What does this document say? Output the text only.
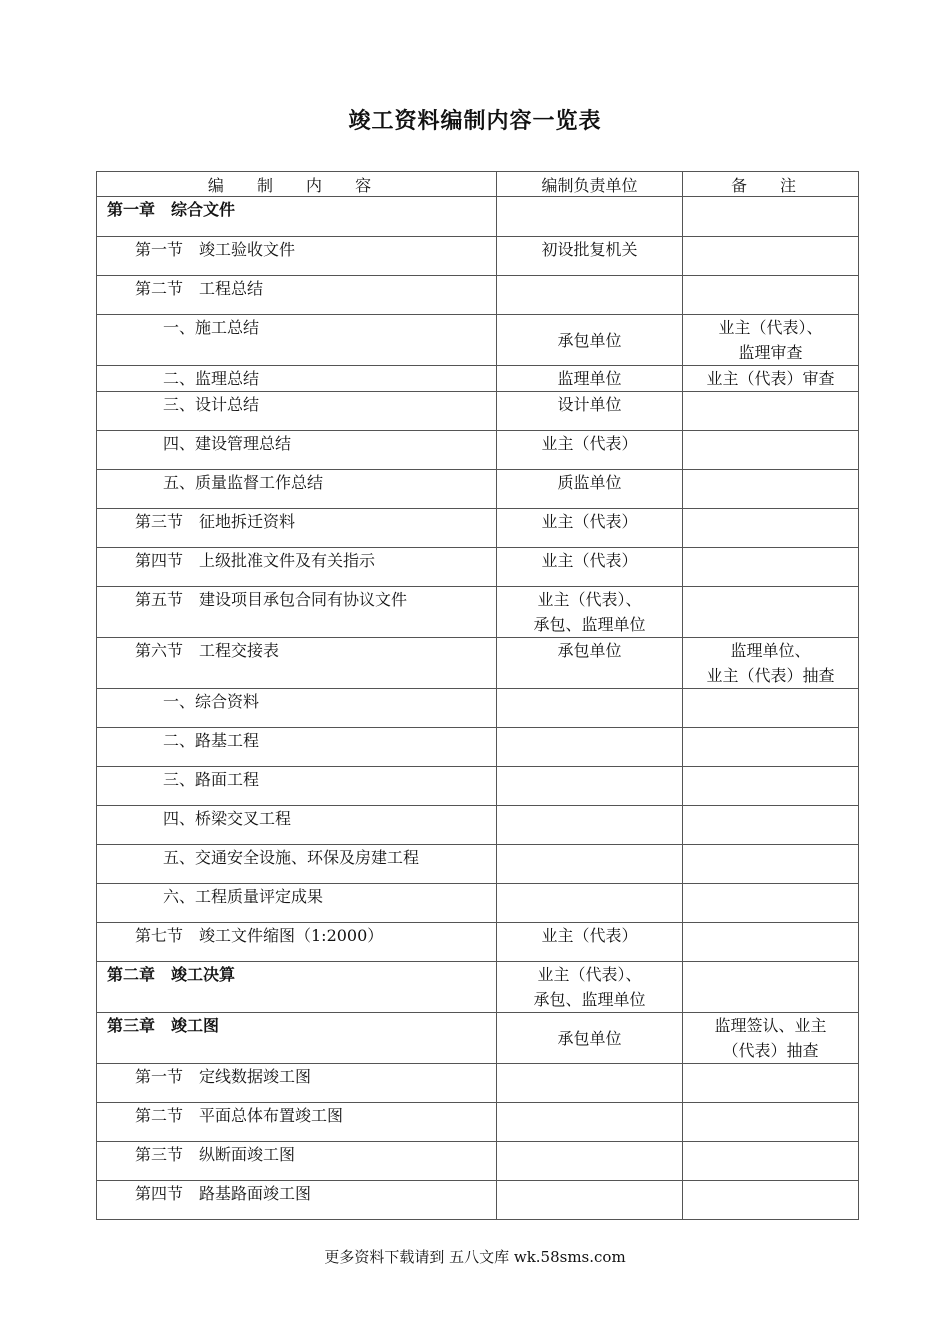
竣工资料编制内容一览表
编 制 内 容	编制负责单位	备 注
第一章　综合文件		
第一节　竣工验收文件	初设批复机关	
第二节　工程总结		
一、施工总结	承包单位	业主（代表）、
监理审查
二、监理总结	监理单位	业主（代表）审查
三、设计总结	设计单位	
四、建设管理总结	业主（代表）	
五、质量监督工作总结	质监单位	
第三节　征地拆迁资料	业主（代表）	
第四节　上级批准文件及有关指示	业主（代表）	
第五节　建设项目承包合同有协议文件	业主（代表）、
承包、监理单位	
第六节　工程交接表	承包单位	监理单位、
业主（代表）抽查
一、综合资料		
二、路基工程		
三、路面工程		
四、桥梁交叉工程		
五、交通安全设施、环保及房建工程		
六、工程质量评定成果		
第七节　竣工文件缩图（1:2000）	业主（代表）	
第二章　竣工决算	业主（代表）、
承包、监理单位	
第三章　竣工图	承包单位	监理签认、业主
（代表）抽查
第一节　定线数据竣工图		
第二节　平面总体布置竣工图		
第三节　纵断面竣工图		
第四节　路基路面竣工图		
更多资料下载请到 五八文库 wk.58sms.com
